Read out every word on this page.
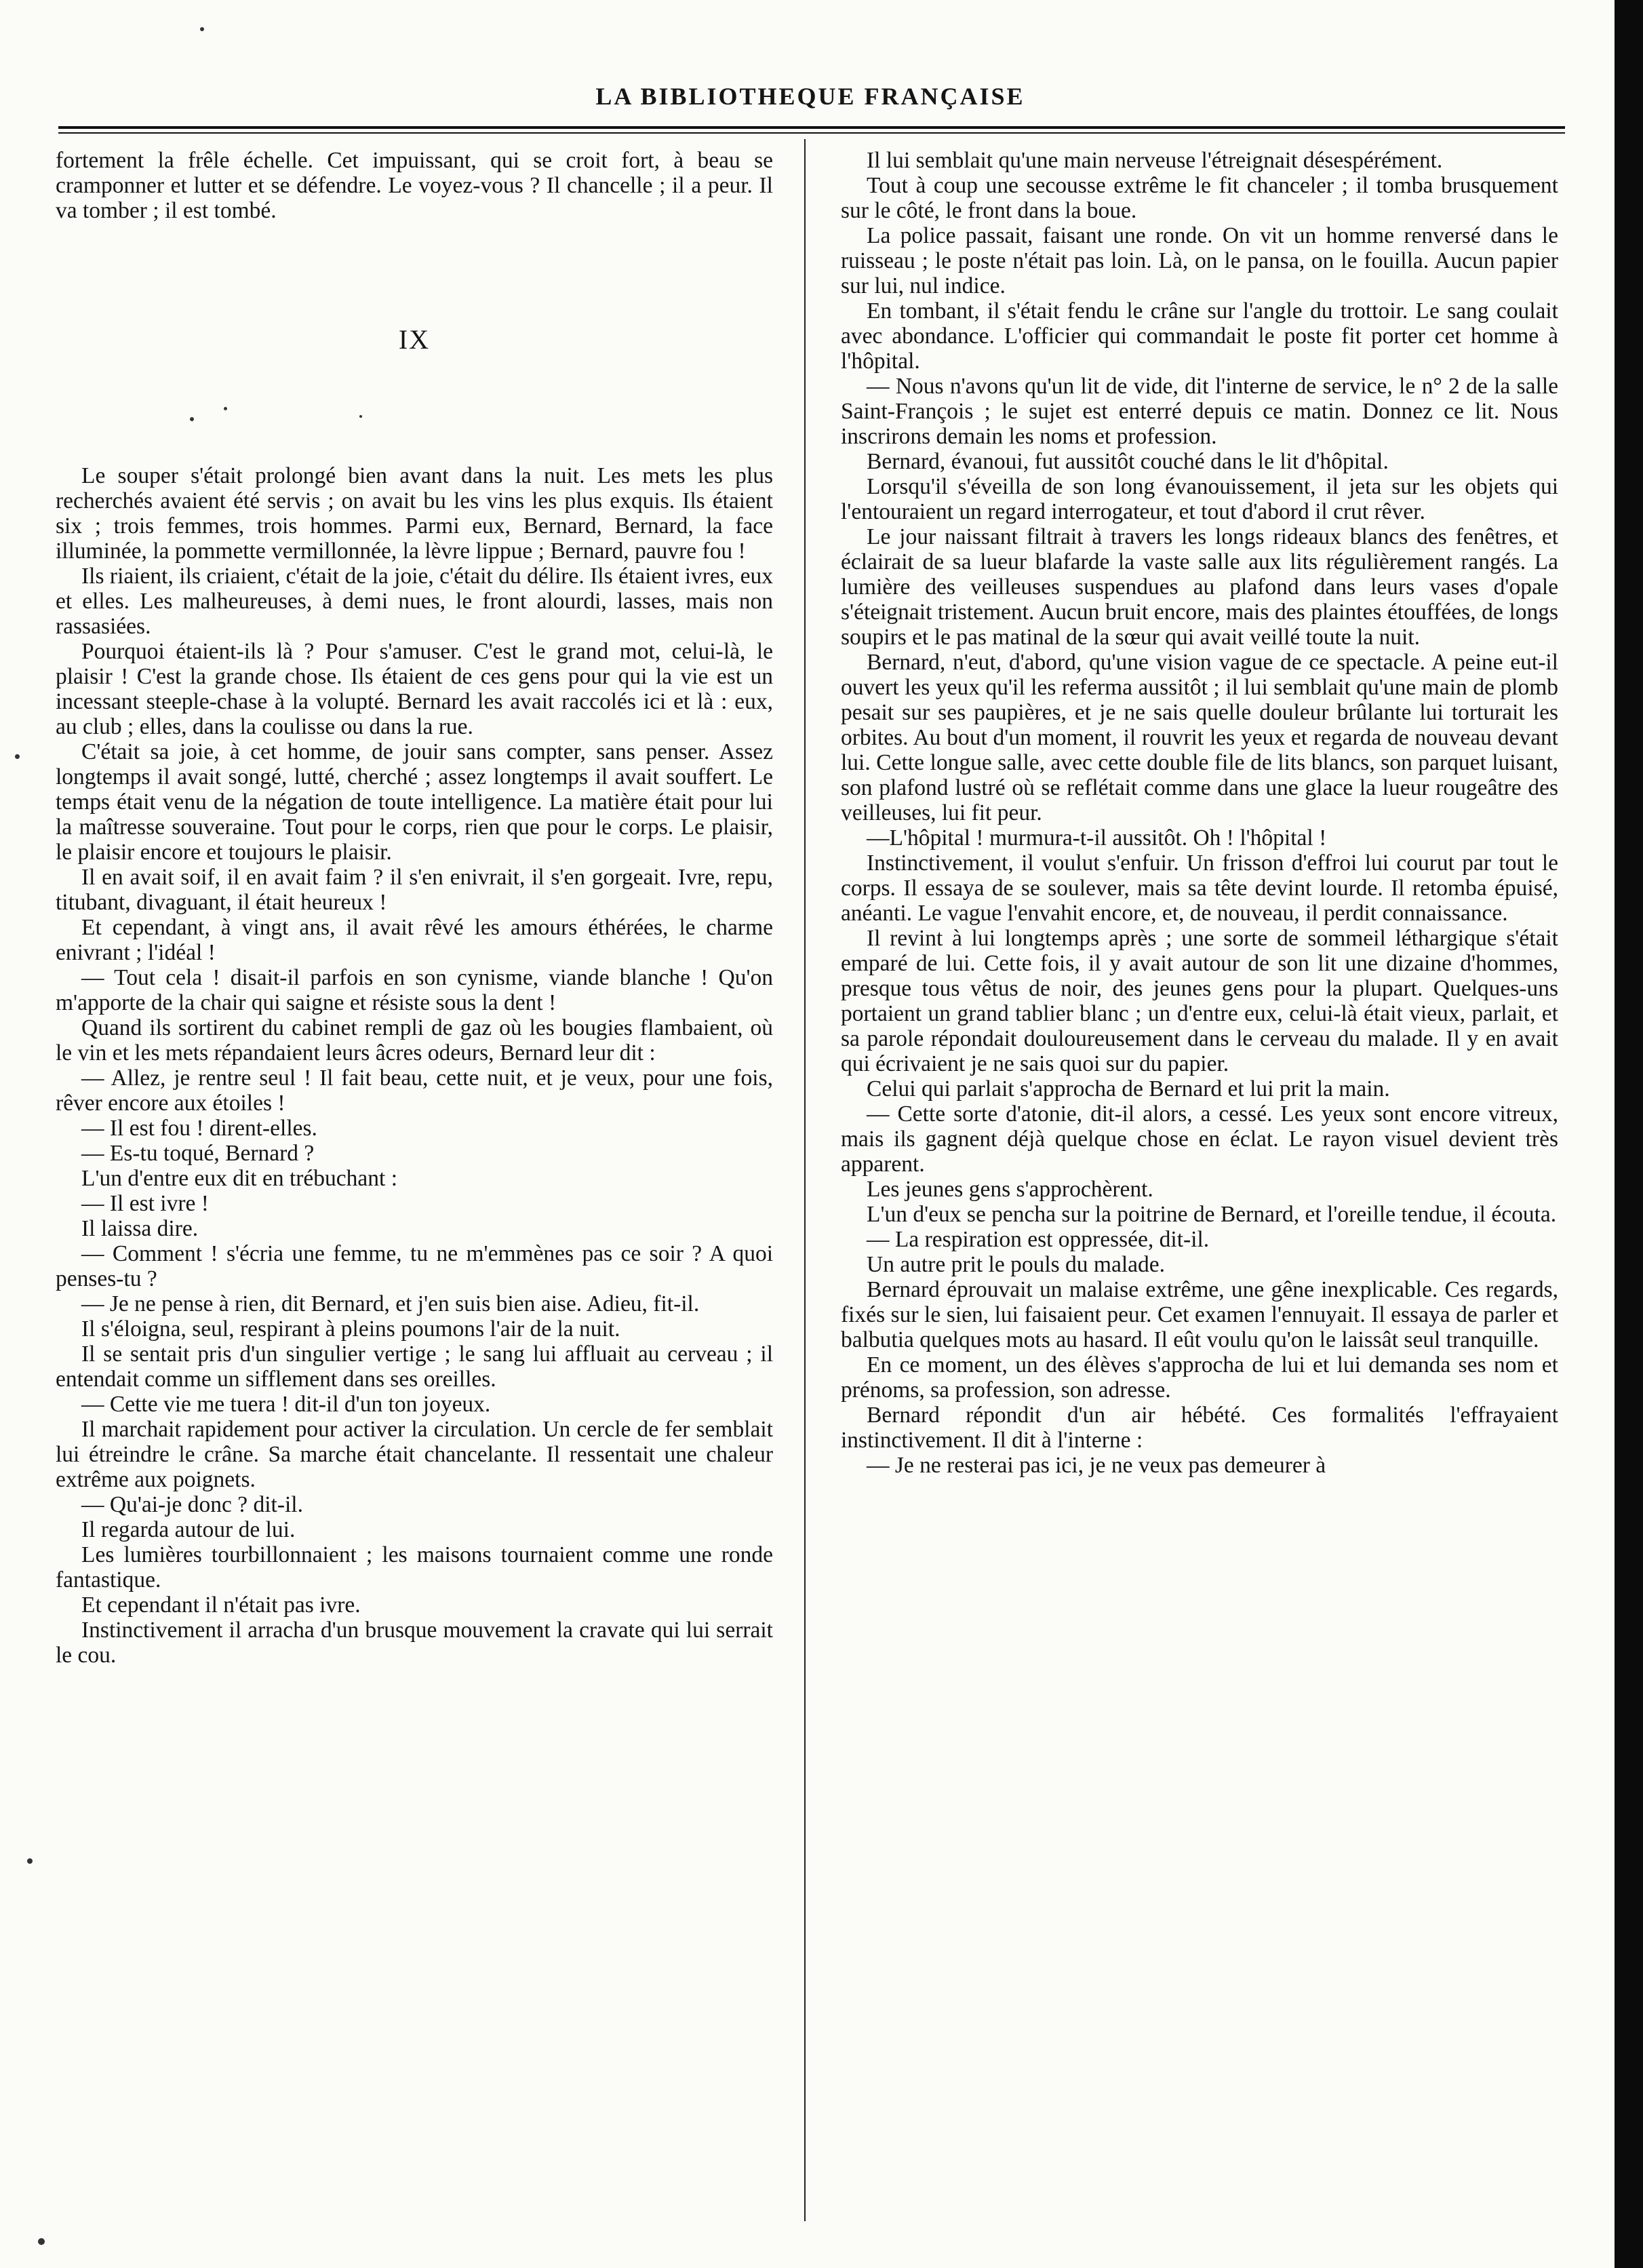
LA BIBLIOTHEQUE FRANÇAISE

fortement la frêle échelle. Cet impuissant, qui se croit fort, à beau se cramponner et lutter et se défendre. Le voyez-vous ? Il chancelle ; il a peur. Il va tomber ; il est tombé.

IX

Le souper s'était prolongé bien avant dans la nuit. Les mets les plus recherchés avaient été servis ; on avait bu les vins les plus exquis. Ils étaient six ; trois femmes, trois hommes. Parmi eux, Bernard, Bernard, la face illuminée, la pommette vermillonnée, la lèvre lippue ; Bernard, pauvre fou !

Ils riaient, ils criaient, c'était de la joie, c'était du délire. Ils étaient ivres, eux et elles. Les malheureuses, à demi nues, le front alourdi, lasses, mais non rassasiées.

Pourquoi étaient-ils là ? Pour s'amuser. C'est le grand mot, celui-là, le plaisir ! C'est la grande chose. Ils étaient de ces gens pour qui la vie est un incessant steeple-chase à la volupté. Bernard les avait raccolés ici et là : eux, au club ; elles, dans la coulisse ou dans la rue.

C'était sa joie, à cet homme, de jouir sans compter, sans penser. Assez longtemps il avait songé, lutté, cherché ; assez longtemps il avait souffert. Le temps était venu de la négation de toute intelligence. La matière était pour lui la maîtresse souveraine. Tout pour le corps, rien que pour le corps. Le plaisir, le plaisir encore et toujours le plaisir.

Il en avait soif, il en avait faim ? il s'en enivrait, il s'en gorgeait. Ivre, repu, titubant, divaguant, il était heureux !

Et cependant, à vingt ans, il avait rêvé les amours éthérées, le charme enivrant ; l'idéal !

— Tout cela ! disait-il parfois en son cynisme, viande blanche ! Qu'on m'apporte de la chair qui saigne et résiste sous la dent !

Quand ils sortirent du cabinet rempli de gaz où les bougies flambaient, où le vin et les mets répandaient leurs âcres odeurs, Bernard leur dit :

— Allez, je rentre seul ! Il fait beau, cette nuit, et je veux, pour une fois, rêver encore aux étoiles !

— Il est fou ! dirent-elles.

— Es-tu toqué, Bernard ?

L'un d'entre eux dit en trébuchant :

— Il est ivre !

Il laissa dire.

— Comment ! s'écria une femme, tu ne m'emmènes pas ce soir ? A quoi penses-tu ?

— Je ne pense à rien, dit Bernard, et j'en suis bien aise. Adieu, fit-il.

Il s'éloigna, seul, respirant à pleins poumons l'air de la nuit.

Il se sentait pris d'un singulier vertige ; le sang lui affluait au cerveau ; il entendait comme un sifflement dans ses oreilles.

— Cette vie me tuera ! dit-il d'un ton joyeux.

Il marchait rapidement pour activer la circulation. Un cercle de fer semblait lui étreindre le crâne. Sa marche était chancelante. Il ressentait une chaleur extrême aux poignets.

— Qu'ai-je donc ? dit-il.

Il regarda autour de lui.

Les lumières tourbillonnaient ; les maisons tournaient comme une ronde fantastique.

Et cependant il n'était pas ivre.

Instinctivement il arracha d'un brusque mouvement la cravate qui lui serrait le cou.

Il lui semblait qu'une main nerveuse l'étreignait désespérément.

Tout à coup une secousse extrême le fit chanceler ; il tomba brusquement sur le côté, le front dans la boue.

La police passait, faisant une ronde. On vit un homme renversé dans le ruisseau ; le poste n'était pas loin. Là, on le pansa, on le fouilla. Aucun papier sur lui, nul indice.

En tombant, il s'était fendu le crâne sur l'angle du trottoir. Le sang coulait avec abondance. L'officier qui commandait le poste fit porter cet homme à l'hôpital.

— Nous n'avons qu'un lit de vide, dit l'interne de service, le n° 2 de la salle Saint-François ; le sujet est enterré depuis ce matin. Donnez ce lit. Nous inscrirons demain les noms et profession.

Bernard, évanoui, fut aussitôt couché dans le lit d'hôpital.

Lorsqu'il s'éveilla de son long évanouissement, il jeta sur les objets qui l'entouraient un regard interrogateur, et tout d'abord il crut rêver.

Le jour naissant filtrait à travers les longs rideaux blancs des fenêtres, et éclairait de sa lueur blafarde la vaste salle aux lits régulièrement rangés. La lumière des veilleuses suspendues au plafond dans leurs vases d'opale s'éteignait tristement. Aucun bruit encore, mais des plaintes étouffées, de longs soupirs et le pas matinal de la sœur qui avait veillé toute la nuit.

Bernard, n'eut, d'abord, qu'une vision vague de ce spectacle. A peine eut-il ouvert les yeux qu'il les referma aussitôt ; il lui semblait qu'une main de plomb pesait sur ses paupières, et je ne sais quelle douleur brûlante lui torturait les orbites. Au bout d'un moment, il rouvrit les yeux et regarda de nouveau devant lui. Cette longue salle, avec cette double file de lits blancs, son parquet luisant, son plafond lustré où se reflétait comme dans une glace la lueur rougeâtre des veilleuses, lui fit peur.

—L'hôpital ! murmura-t-il aussitôt. Oh ! l'hôpital !

Instinctivement, il voulut s'enfuir. Un frisson d'effroi lui courut par tout le corps. Il essaya de se soulever, mais sa tête devint lourde. Il retomba épuisé, anéanti. Le vague l'envahit encore, et, de nouveau, il perdit connaissance.

Il revint à lui longtemps après ; une sorte de sommeil léthargique s'était emparé de lui. Cette fois, il y avait autour de son lit une dizaine d'hommes, presque tous vêtus de noir, des jeunes gens pour la plupart. Quelques-uns portaient un grand tablier blanc ; un d'entre eux, celui-là était vieux, parlait, et sa parole répondait douloureusement dans le cerveau du malade. Il y en avait qui écrivaient je ne sais quoi sur du papier.

Celui qui parlait s'approcha de Bernard et lui prit la main.

— Cette sorte d'atonie, dit-il alors, a cessé. Les yeux sont encore vitreux, mais ils gagnent déjà quelque chose en éclat. Le rayon visuel devient très apparent.

Les jeunes gens s'approchèrent.

L'un d'eux se pencha sur la poitrine de Bernard, et l'oreille tendue, il écouta.

— La respiration est oppressée, dit-il.

Un autre prit le pouls du malade.

Bernard éprouvait un malaise extrême, une gêne inexplicable. Ces regards, fixés sur le sien, lui faisaient peur. Cet examen l'ennuyait. Il essaya de parler et balbutia quelques mots au hasard. Il eût voulu qu'on le laissât seul tranquille.

En ce moment, un des élèves s'approcha de lui et lui demanda ses nom et prénoms, sa profession, son adresse.

Bernard répondit d'un air hébété. Ces formalités l'effrayaient instinctivement. Il dit à l'interne :

— Je ne resterai pas ici, je ne veux pas demeurer à
